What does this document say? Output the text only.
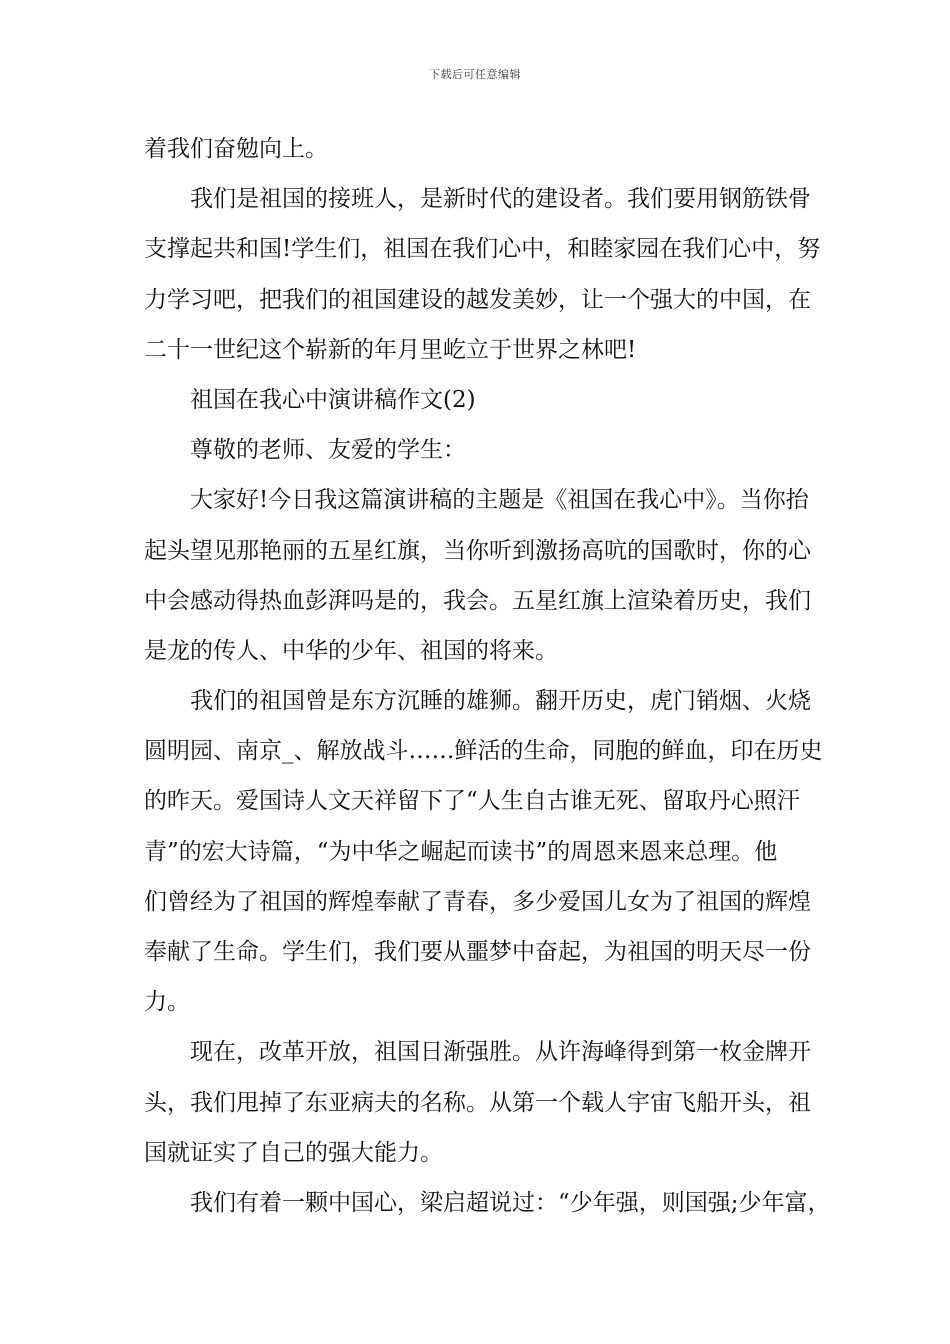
下载后可任意编辑
着我们奋勉向上。
我们是祖国的接班人，是新时代的建设者。我们要用钢筋铁骨
支撑起共和国!学生们，祖国在我们心中，和睦家园在我们心中，努
力学习吧，把我们的祖国建设的越发美妙，让一个强大的中国，在
二十一世纪这个崭新的年月里屹立于世界之林吧!
祖国在我心中演讲稿作文(2)
尊敬的老师、友爱的学生：
大家好!今日我这篇演讲稿的主题是《祖国在我心中》。当你抬
起头望见那艳丽的五星红旗，当你听到激扬高吭的国歌时，你的心
中会感动得热血彭湃吗是的，我会。五星红旗上渲染着历史，我们
是龙的传人、中华的少年、祖国的将来。
我们的祖国曾是东方沉睡的雄狮。翻开历史，虎门销烟、火烧
圆明园、南京_、解放战斗……鲜活的生命，同胞的鲜血，印在历史
的昨天。爱国诗人文天祥留下了“人生自古谁无死、留取丹心照汗
青”的宏大诗篇，“为中华之崛起而读书”的周恩来恩来总理。他
们曾经为了祖国的辉煌奉献了青春，多少爱国儿女为了祖国的辉煌
奉献了生命。学生们，我们要从噩梦中奋起，为祖国的明天尽一份
力。
现在，改革开放，祖国日渐强胜。从许海峰得到第一枚金牌开
头，我们甩掉了东亚病夫的名称。从第一个载人宇宙飞船开头，祖
国就证实了自己的强大能力。
我们有着一颗中国心，梁启超说过：“少年强，则国强;少年富，
